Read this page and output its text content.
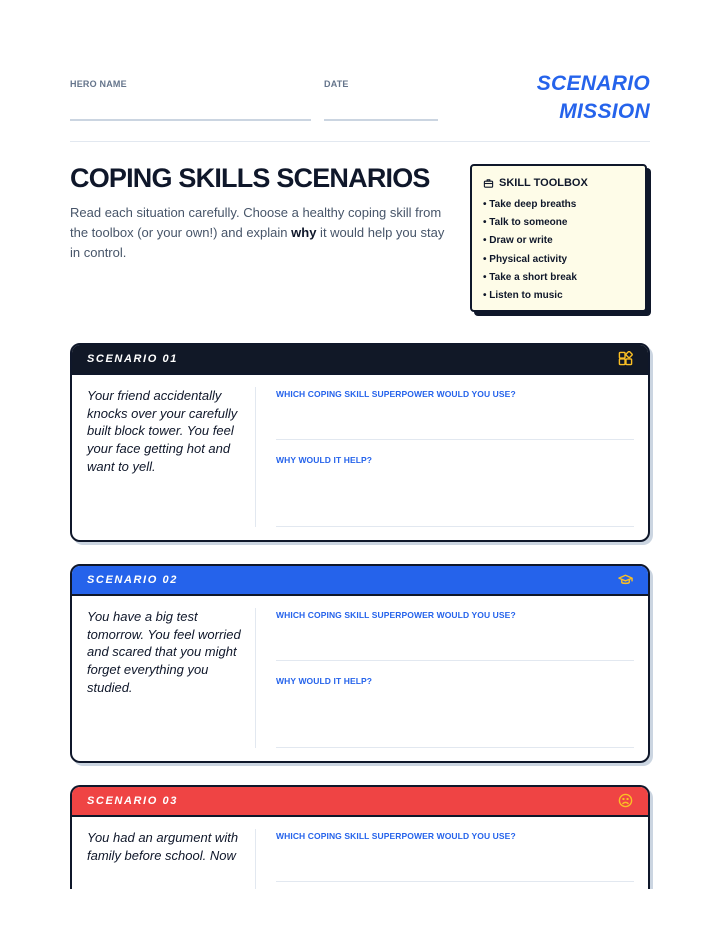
HERO NAME	DATE	SCENARIO
MISSION
COPING SKILLS SCENARIOS

Read each situation carefully. Choose a healthy coping skill from the toolbox (or your own!) and explain why it would help you stay in control.

SKILL TOOLBOX
• Take deep breaths
• Talk to someone
• Draw or write
• Physical activity
• Take a short break
• Listen to music
SCENARIO 01

Your friend accidentally knocks over your carefully built block tower. You feel your face getting hot and want to yell.

WHICH COPING SKILL SUPERPOWER WOULD YOU USE?
WHY WOULD IT HELP?
SCENARIO 02

You have a big test tomorrow. You feel worried and scared that you might forget everything you studied.

WHICH COPING SKILL SUPERPOWER WOULD YOU USE?
WHY WOULD IT HELP?
SCENARIO 03

You had an argument with family before school. Now

WHICH COPING SKILL SUPERPOWER WOULD YOU USE?
